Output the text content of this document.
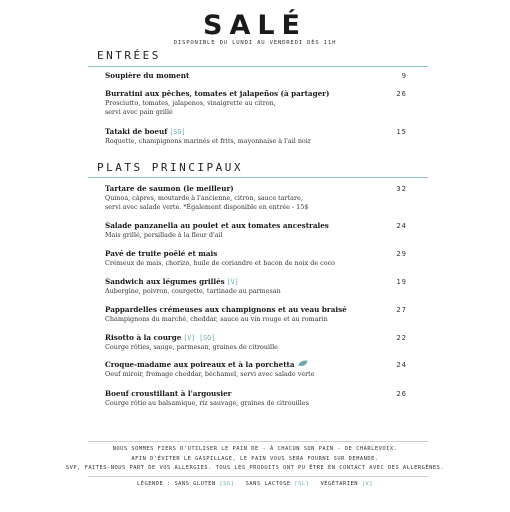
SALÉ
DISPONIBLE DU LUNDI AU VENDREDI DÈS 11H
ENTRÉES
Soupière du moment	9
Burratini aux pêches, tomates et jalapeños (à partager)
Prosciutto, tomates, jalapenos, vinaigrette au citron,
servi avec pain grillé
26
Tataki de boeuf [SG]
Roquette, champignons marinés et frits, mayonnaise à l'ail noir
15
PLATS PRINCIPAUX
Tartare de saumon (le meilleur)
Quinoa, câpres, moutarde à l'ancienne, citron, sauce tartare,
servi avec salade verte. *Également disponible en entrée - 15$
32
Salade panzanella au poulet et aux tomates ancestrales
Mais grillé, persillade à la fleur d'ail
24
Pavé de truite poêlé et mais
Crémeux de mais, chorizo, huile de coriandre et bacon de noix de coco
29
Sandwich aux légumes grillés [V]
Aubergine, poivron, courgette, tartinade au parmesan
19
Pappardelles crémeuses aux champignons et au veau braisé
Champignons du marché, cheddar, sauce au vin rouge et au romarin
27
Risotto à la courge [V] [SG]
Courge rôties, sauge, parmesan, graines de citrouille
22
Croque-madame aux poireaux et à la porchetta
Oeuf miroir, fromage cheddar, béchamel, servi avec salade verte
24
Boeuf croustillant à l'argousier
Courge rôtie au balsamique, riz sauvage, graines de citrouilles
26
NOUS SOMMES FIERS D'UTILISER LE PAIN DE - À CHACUN SON PAIN - DE CHARLEVOIX.
AFIN D'ÉVITER LE GASPILLAGE, LE PAIN VOUS SERA FOURNI SUR DEMANDE.
SVP, FAITES-NOUS PART DE VOS ALLERGIES. TOUS LES PRODUITS ONT PU ÊTRE EN CONTACT AVEC DES ALLERGÈNES.
LÉGENDE : SANS GLUTEN [SG] SANS LACTOSE [SL] VÉGÉTARIEN [V]
